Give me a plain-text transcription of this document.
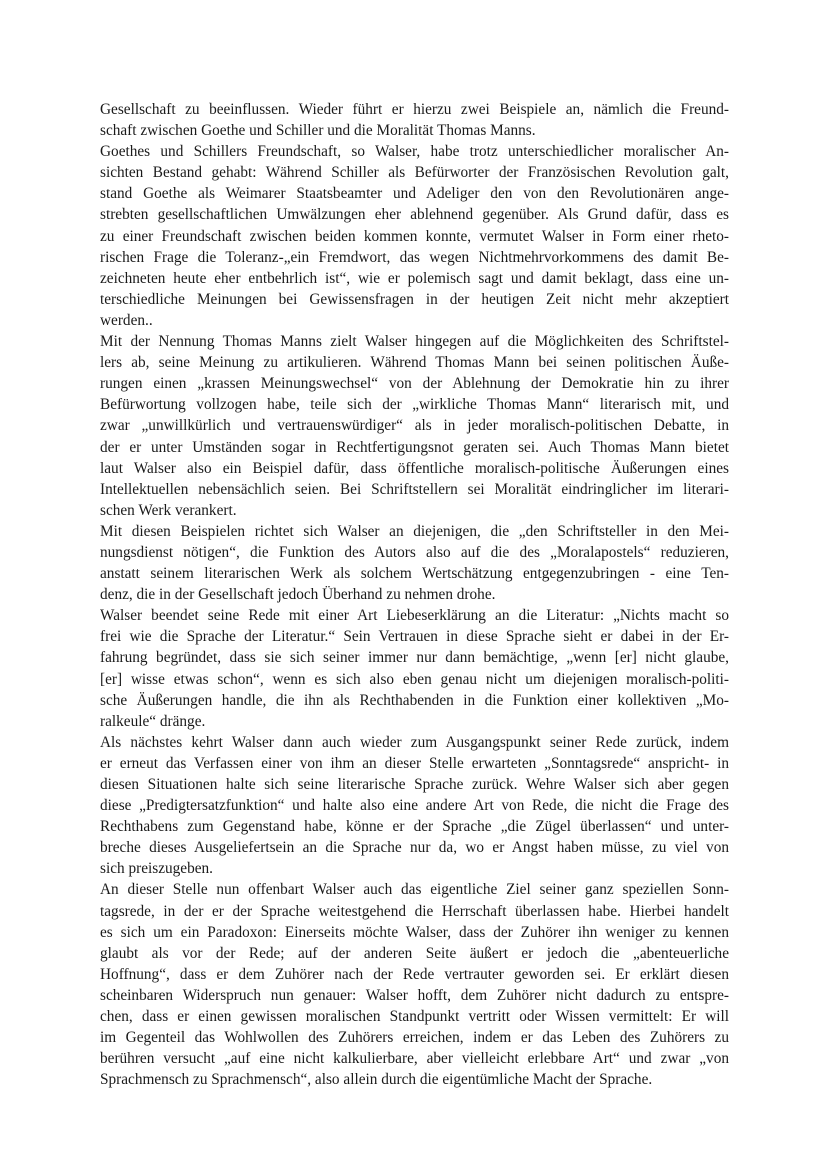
Gesellschaft zu beeinflussen. Wieder führt er hierzu zwei Beispiele an, nämlich die Freund-
schaft zwischen Goethe und Schiller und die Moralität Thomas Manns.
Goethes und Schillers Freundschaft, so Walser, habe trotz unterschiedlicher moralischer An-
sichten Bestand gehabt: Während Schiller als Befürworter der Französischen Revolution galt,
stand Goethe als Weimarer Staatsbeamter und Adeliger den von den Revolutionären ange-
strebten gesellschaftlichen Umwälzungen eher ablehnend gegenüber. Als Grund dafür, dass es
zu einer Freundschaft zwischen beiden kommen konnte, vermutet Walser in Form einer rheto-
rischen Frage die Toleranz-„ein Fremdwort, das wegen Nichtmehrvorkommens des damit Be-
zeichneten heute eher entbehrlich ist“, wie er polemisch sagt und damit beklagt, dass eine un-
terschiedliche Meinungen bei Gewissensfragen in der heutigen Zeit nicht mehr akzeptiert
werden..
Mit der Nennung Thomas Manns zielt Walser hingegen auf die Möglichkeiten des Schriftstel-
lers ab, seine Meinung zu artikulieren. Während Thomas Mann bei seinen politischen Äuße-
rungen einen „krassen Meinungswechsel“ von der Ablehnung der Demokratie hin zu ihrer
Befürwortung vollzogen habe, teile sich der „wirkliche Thomas Mann“ literarisch mit, und
zwar „unwillkürlich und vertrauenswürdiger“ als in jeder moralisch-politischen Debatte, in
der er unter Umständen sogar in Rechtfertigungsnot geraten sei. Auch Thomas Mann bietet
laut Walser also ein Beispiel dafür, dass öffentliche moralisch-politische Äußerungen eines
Intellektuellen nebensächlich seien. Bei Schriftstellern sei Moralität eindringlicher im literari-
schen Werk verankert.
Mit diesen Beispielen richtet sich Walser an diejenigen, die „den Schriftsteller in den Mei-
nungsdienst nötigen“, die Funktion des Autors also auf die des „Moralapostels“ reduzieren,
anstatt seinem literarischen Werk als solchem Wertschätzung entgegenzubringen - eine Ten-
denz, die in der Gesellschaft jedoch Überhand zu nehmen drohe.
Walser beendet seine Rede mit einer Art Liebeserklärung an die Literatur: „Nichts macht so
frei wie die Sprache der Literatur.“ Sein Vertrauen in diese Sprache sieht er dabei in der Er-
fahrung begründet, dass sie sich seiner immer nur dann bemächtige, „wenn [er] nicht glaube,
[er] wisse etwas schon“, wenn es sich also eben genau nicht um diejenigen moralisch-politi-
sche Äußerungen handle, die ihn als Rechthabenden in die Funktion einer kollektiven „Mo-
ralkeule“ dränge.
Als nächstes kehrt Walser dann auch wieder zum Ausgangspunkt seiner Rede zurück, indem
er erneut das Verfassen einer von ihm an dieser Stelle erwarteten „Sonntagsrede“ anspricht- in
diesen Situationen halte sich seine literarische Sprache zurück. Wehre Walser sich aber gegen
diese „Predigtersatzfunktion“ und halte also eine andere Art von Rede, die nicht die Frage des
Rechthabens zum Gegenstand habe, könne er der Sprache „die Zügel überlassen“ und unter-
breche dieses Ausgeliefertsein an die Sprache nur da, wo er Angst haben müsse, zu viel von
sich preiszugeben.
An dieser Stelle nun offenbart Walser auch das eigentliche Ziel seiner ganz speziellen Sonn-
tagsrede, in der er der Sprache weitestgehend die Herrschaft überlassen habe. Hierbei handelt
es sich um ein Paradoxon: Einerseits möchte Walser, dass der Zuhörer ihn weniger zu kennen
glaubt als vor der Rede; auf der anderen Seite äußert er jedoch die „abenteuerliche
Hoffnung“, dass er dem Zuhörer nach der Rede vertrauter geworden sei. Er erklärt diesen
scheinbaren Widerspruch nun genauer: Walser hofft, dem Zuhörer nicht dadurch zu entspre-
chen, dass er einen gewissen moralischen Standpunkt vertritt oder Wissen vermittelt: Er will
im Gegenteil das Wohlwollen des Zuhörers erreichen, indem er das Leben des Zuhörers zu
berühren versucht „auf eine nicht kalkulierbare, aber vielleicht erlebbare Art“ und zwar „von
Sprachmensch zu Sprachmensch“, also allein durch die eigentümliche Macht der Sprache.
